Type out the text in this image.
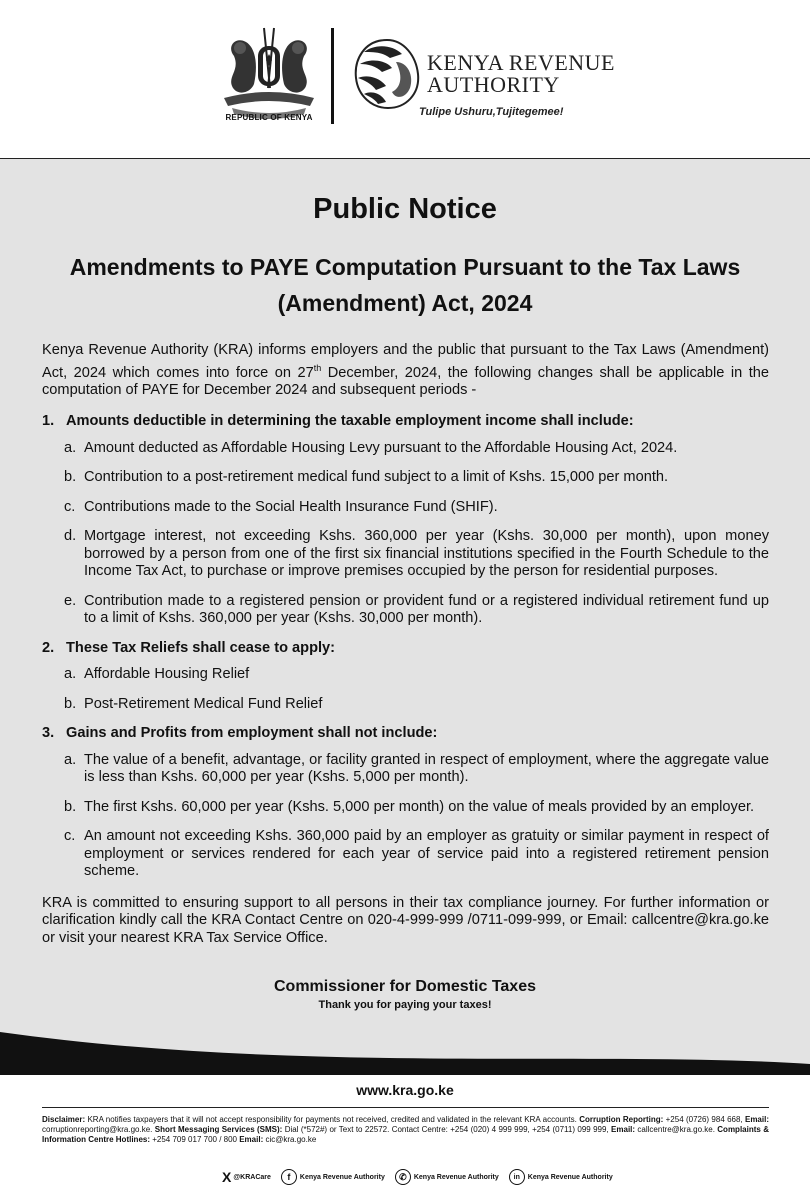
REPUBLIC OF KENYA
KENYA REVENUE
AUTHORITY
Tulipe Ushuru,Tujitegemee!
Public Notice
Amendments to PAYE Computation Pursuant to the Tax Laws (Amendment) Act, 2024

Kenya Revenue Authority (KRA) informs employers and the public that pursuant to the Tax Laws (Amendment) Act, 2024 which comes into force on 27th December, 2024, the following changes shall be applicable in the computation of PAYE for December 2024 and subsequent periods -

1. Amounts deductible in determining the taxable employment income shall include:
a. Amount deducted as Affordable Housing Levy pursuant to the Affordable Housing Act, 2024.
b. Contribution to a post-retirement medical fund subject to a limit of Kshs. 15,000 per month.
c. Contributions made to the Social Health Insurance Fund (SHIF).
d. Mortgage interest, not exceeding Kshs. 360,000 per year (Kshs. 30,000 per month), upon money borrowed by a person from one of the first six financial institutions specified in the Fourth Schedule to the Income Tax Act, to purchase or improve premises occupied by the person for residential purposes.
e. Contribution made to a registered pension or provident fund or a registered individual retirement fund up to a limit of Kshs. 360,000 per year (Kshs. 30,000 per month).
2. These Tax Reliefs shall cease to apply:
a. Affordable Housing Relief
b. Post-Retirement Medical Fund Relief
3. Gains and Profits from employment shall not include:
a. The value of a benefit, advantage, or facility granted in respect of employment, where the aggregate value is less than Kshs. 60,000 per year (Kshs. 5,000 per month).
b. The first Kshs. 60,000 per year (Kshs. 5,000 per month) on the value of meals provided by an employer.
c. An amount not exceeding Kshs. 360,000 paid by an employer as gratuity or similar payment in respect of employment or services rendered for each year of service paid into a registered retirement pension scheme.

KRA is committed to ensuring support to all persons in their tax compliance journey. For further information or clarification kindly call the KRA Contact Centre on 020-4-999-999 /0711-099-999, or Email: callcentre@kra.go.ke or visit your nearest KRA Tax Service Office.

Commissioner for Domestic Taxes
Thank you for paying your taxes!
www.kra.go.ke
Disclaimer: KRA notifies taxpayers that it will not accept responsibility for payments not received, credited and validated in the relevant KRA accounts. Corruption Reporting: +254 (0726) 984 668, Email: corruptionreporting@kra.go.ke. Short Messaging Services (SMS): Dial (*572#) or Text to 22572. Contact Centre: +254 (020) 4 999 999, +254 (0711) 099 999, Email: callcentre@kra.go.ke. Complaints & Information Centre Hotlines: +254 709 017 700 / 800 Email: cic@kra.go.ke
X @KRACare	f	Kenya Revenue Authority	✆	Kenya Revenue Authority	in	Kenya Revenue Authority
